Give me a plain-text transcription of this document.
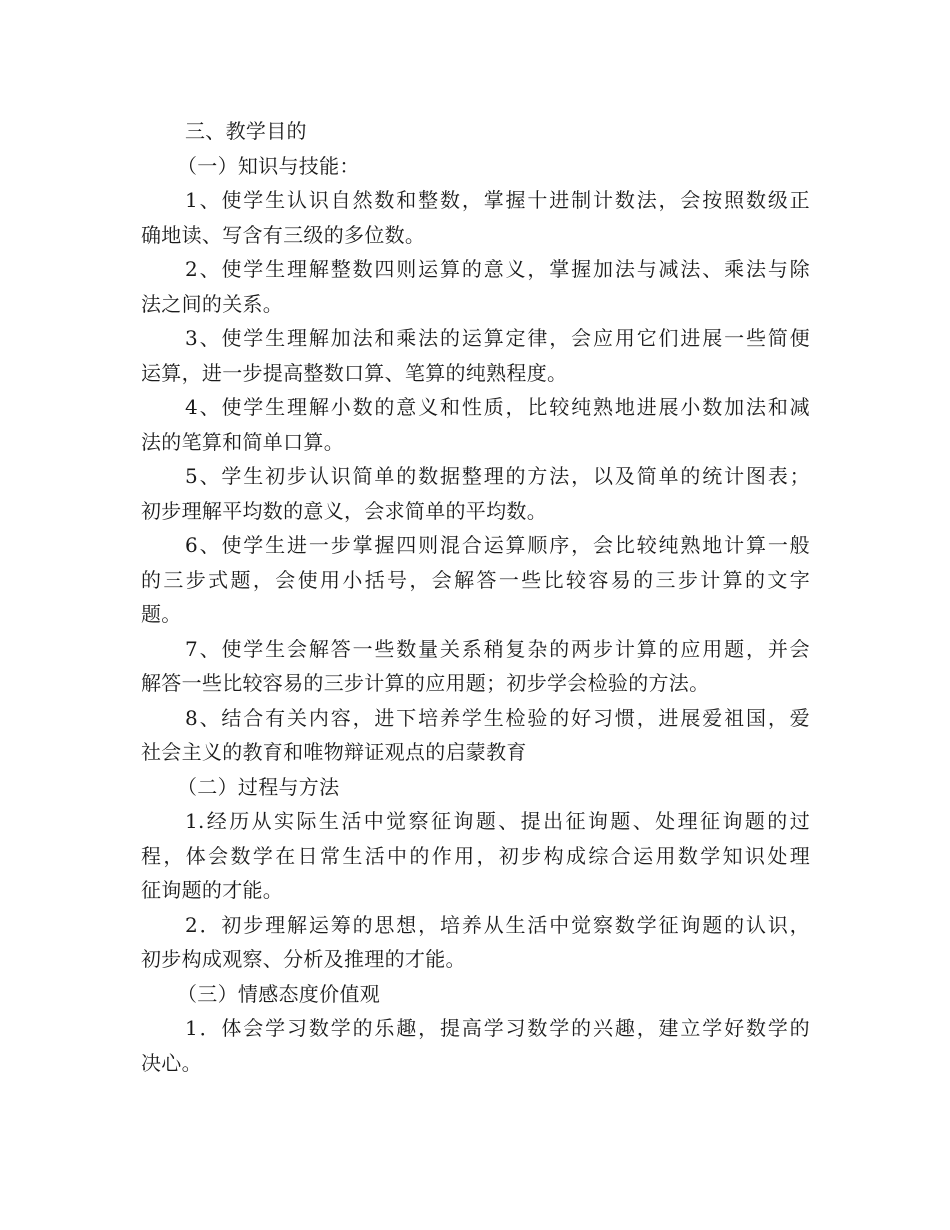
三、教学目的
（一）知识与技能：
1、使学生认识自然数和整数，掌握十进制计数法，会按照数级正
确地读、写含有三级的多位数。
2、使学生理解整数四则运算的意义，掌握加法与减法、乘法与除
法之间的关系。
3、使学生理解加法和乘法的运算定律，会应用它们进展一些简便
运算，进一步提高整数口算、笔算的纯熟程度。
4、使学生理解小数的意义和性质，比较纯熟地进展小数加法和减
法的笔算和简单口算。
5、学生初步认识简单的数据整理的方法，以及简单的统计图表；
初步理解平均数的意义，会求简单的平均数。
6、使学生进一步掌握四则混合运算顺序，会比较纯熟地计算一般
的三步式题，会使用小括号，会解答一些比较容易的三步计算的文字
题。
7、使学生会解答一些数量关系稍复杂的两步计算的应用题，并会
解答一些比较容易的三步计算的应用题；初步学会检验的方法。
8、结合有关内容，进下培养学生检验的好习惯，进展爱祖国，爱
社会主义的教育和唯物辩证观点的启蒙教育
（二）过程与方法
1.经历从实际生活中觉察征询题、提出征询题、处理征询题的过
程，体会数学在日常生活中的作用，初步构成综合运用数学知识处理
征询题的才能。
2．初步理解运筹的思想，培养从生活中觉察数学征询题的认识，
初步构成观察、分析及推理的才能。
（三）情感态度价值观
1．体会学习数学的乐趣，提高学习数学的兴趣，建立学好数学的
决心。
